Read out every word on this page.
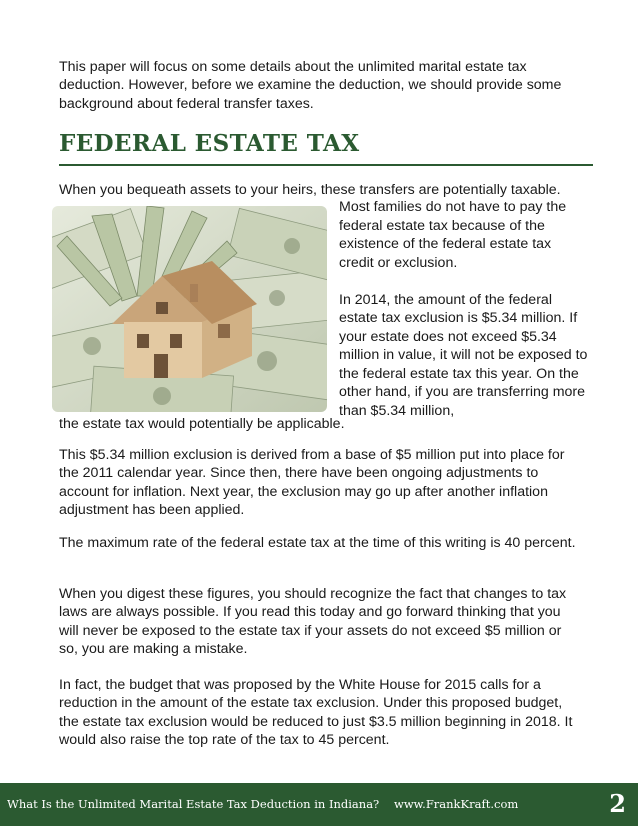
This paper will focus on some details about the unlimited marital estate tax deduction. However, before we examine the deduction, we should provide some background about federal transfer taxes.

FEDERAL ESTATE TAX

When you bequeath assets to your heirs, these transfers are potentially taxable.

Most families do not have to pay the federal estate tax because of the existence of the federal estate tax credit or exclusion.

In 2014, the amount of the federal estate tax exclusion is $5.34 million. If your estate does not exceed $5.34 million in value, it will not be exposed to the federal estate tax this year. On the other hand, if you are transferring more than $5.34 million,

the estate tax would potentially be applicable.

This $5.34 million exclusion is derived from a base of $5 million put into place for the 2011 calendar year. Since then, there have been ongoing adjustments to account for inflation. Next year, the exclusion may go up after another inflation adjustment has been applied.

The maximum rate of the federal estate tax at the time of this writing is 40 percent.

When you digest these figures, you should recognize the fact that changes to tax laws are always possible. If you read this today and go forward thinking that you will never be exposed to the estate tax if your assets do not exceed $5 million or so, you are making a mistake.

In fact, the budget that was proposed by the White House for 2015 calls for a reduction in the amount of the estate tax exclusion. Under this proposed budget, the estate tax exclusion would be reduced to just $3.5 million beginning in 2018. It would also raise the top rate of the tax to 45 percent.

What Is the Unlimited Marital Estate Tax Deduction in Indiana? www.FrankKraft.com	2
